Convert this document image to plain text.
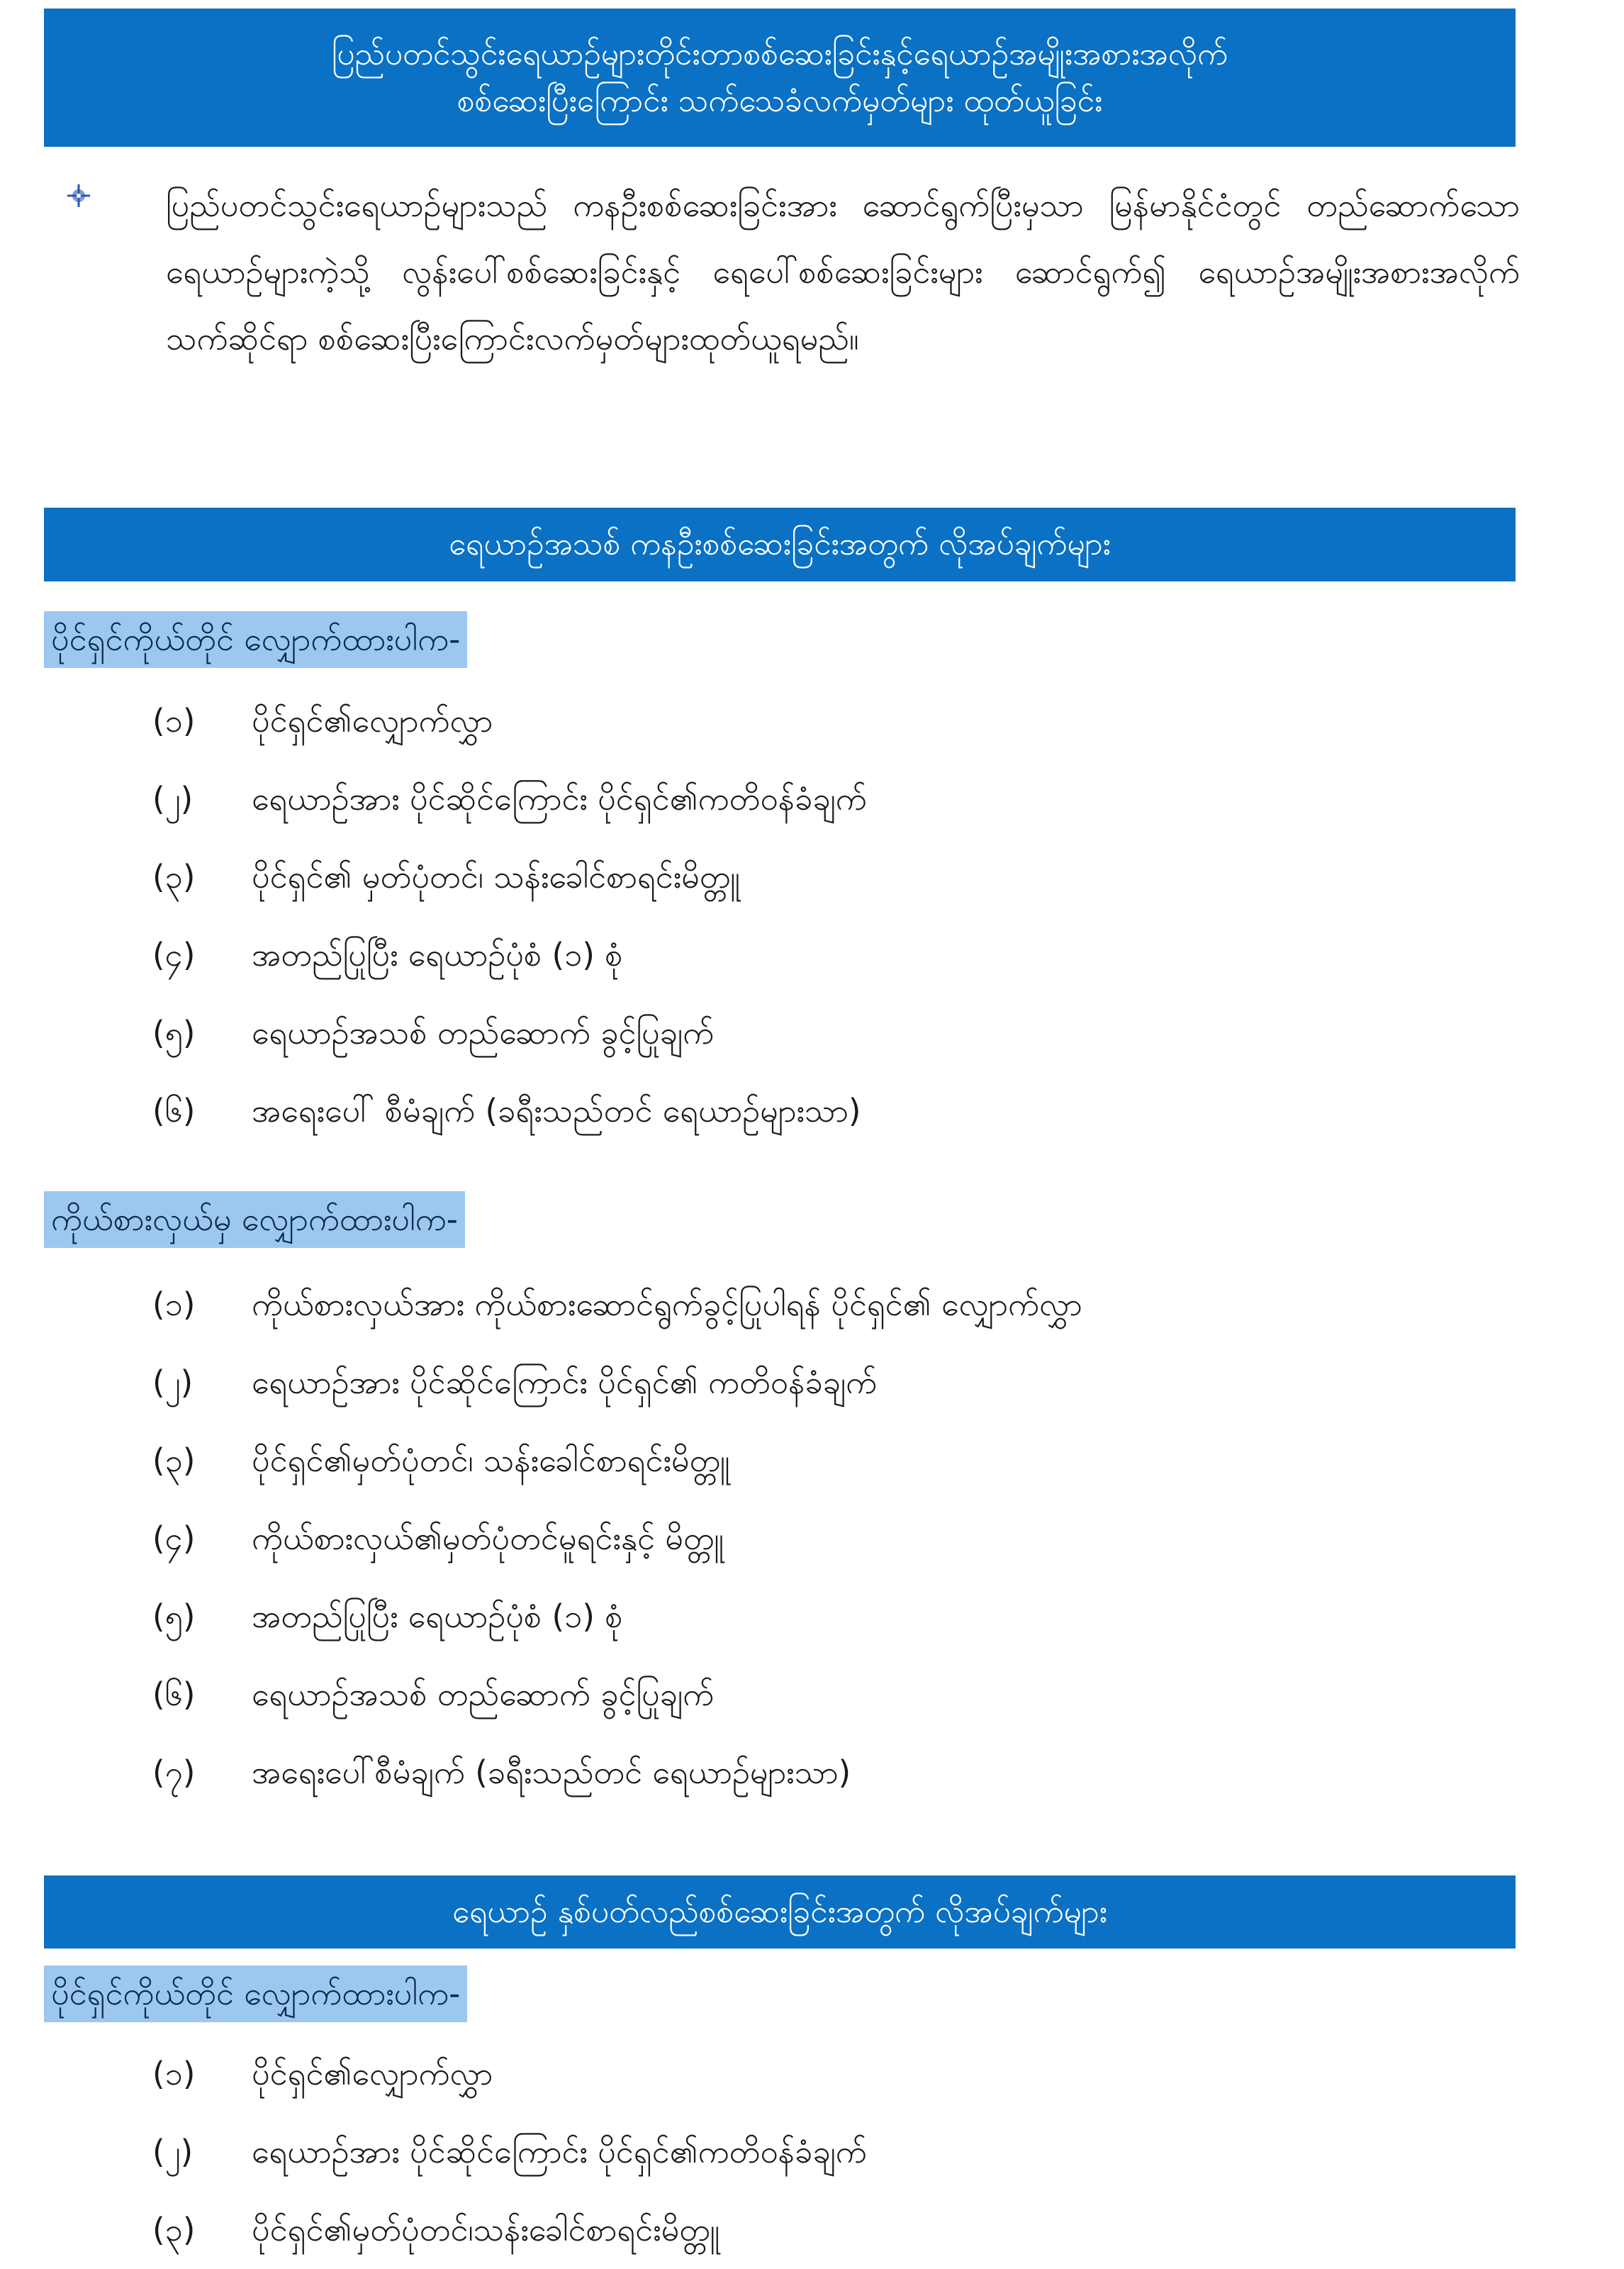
ပြည်ပတင်သွင်းရေယာဉ်များတိုင်းတာစစ်ဆေးခြင်းနှင့်ရေယာဉ်အမျိုးအစားအလိုက်
စစ်ဆေးပြီးကြောင်း သက်သေခံလက်မှတ်များ ထုတ်ယူခြင်း
ပြည်ပတင်သွင်းရေယာဉ်များသည် ကနဦးစစ်ဆေးခြင်းအား ဆောင်ရွက်ပြီးမှသာ မြန်မာနိုင်ငံတွင် တည်ဆောက်သော ရေယာဉ်များကဲ့သို့ လွန်းပေါ်စစ်ဆေးခြင်းနှင့် ရေပေါ်စစ်ဆေးခြင်းများ ဆောင်ရွက်၍ ရေယာဉ်အမျိုးအစားအလိုက် သက်ဆိုင်ရာ စစ်ဆေးပြီးကြောင်းလက်မှတ်များထုတ်ယူရမည်။
ရေယာဉ်အသစ် ကနဦးစစ်ဆေးခြင်းအတွက် လိုအပ်ချက်များ
ပိုင်ရှင်ကိုယ်တိုင် လျှောက်ထားပါက-
(၁) ပိုင်ရှင်၏လျှောက်လွှာ
(၂) ရေယာဉ်အား ပိုင်ဆိုင်ကြောင်း ပိုင်ရှင်၏ကတိဝန်ခံချက်
(၃) ပိုင်ရှင်၏ မှတ်ပုံတင်၊ သန်းခေါင်စာရင်းမိတ္တူ
(၄) အတည်ပြုပြီး ရေယာဉ်ပုံစံ (၁) စုံ
(၅) ရေယာဉ်အသစ် တည်ဆောက် ခွင့်ပြုချက်
(၆) အရေးပေါ် စီမံချက် (ခရီးသည်တင် ရေယာဉ်များသာ)
ကိုယ်စားလှယ်မှ လျှောက်ထားပါက-
(၁) ကိုယ်စားလှယ်အား ကိုယ်စားဆောင်ရွက်ခွင့်ပြုပါရန် ပိုင်ရှင်၏ လျှောက်လွှာ
(၂) ရေယာဉ်အား ပိုင်ဆိုင်ကြောင်း ပိုင်ရှင်၏ ကတိဝန်ခံချက်
(၃) ပိုင်ရှင်၏မှတ်ပုံတင်၊ သန်းခေါင်စာရင်းမိတ္တူ
(၄) ကိုယ်စားလှယ်၏မှတ်ပုံတင်မူရင်းနှင့် မိတ္တူ
(၅) အတည်ပြုပြီး ရေယာဉ်ပုံစံ (၁) စုံ
(၆) ရေယာဉ်အသစ် တည်ဆောက် ခွင့်ပြုချက်
(၇) အရေးပေါ်စီမံချက် (ခရီးသည်တင် ရေယာဉ်များသာ)
ရေယာဉ် နှစ်ပတ်လည်စစ်ဆေးခြင်းအတွက် လိုအပ်ချက်များ
ပိုင်ရှင်ကိုယ်တိုင် လျှောက်ထားပါက-
(၁) ပိုင်ရှင်၏လျှောက်လွှာ
(၂) ရေယာဉ်အား ပိုင်ဆိုင်ကြောင်း ပိုင်ရှင်၏ကတိဝန်ခံချက်
(၃) ပိုင်ရှင်၏မှတ်ပုံတင်၊သန်းခေါင်စာရင်းမိတ္တူ
